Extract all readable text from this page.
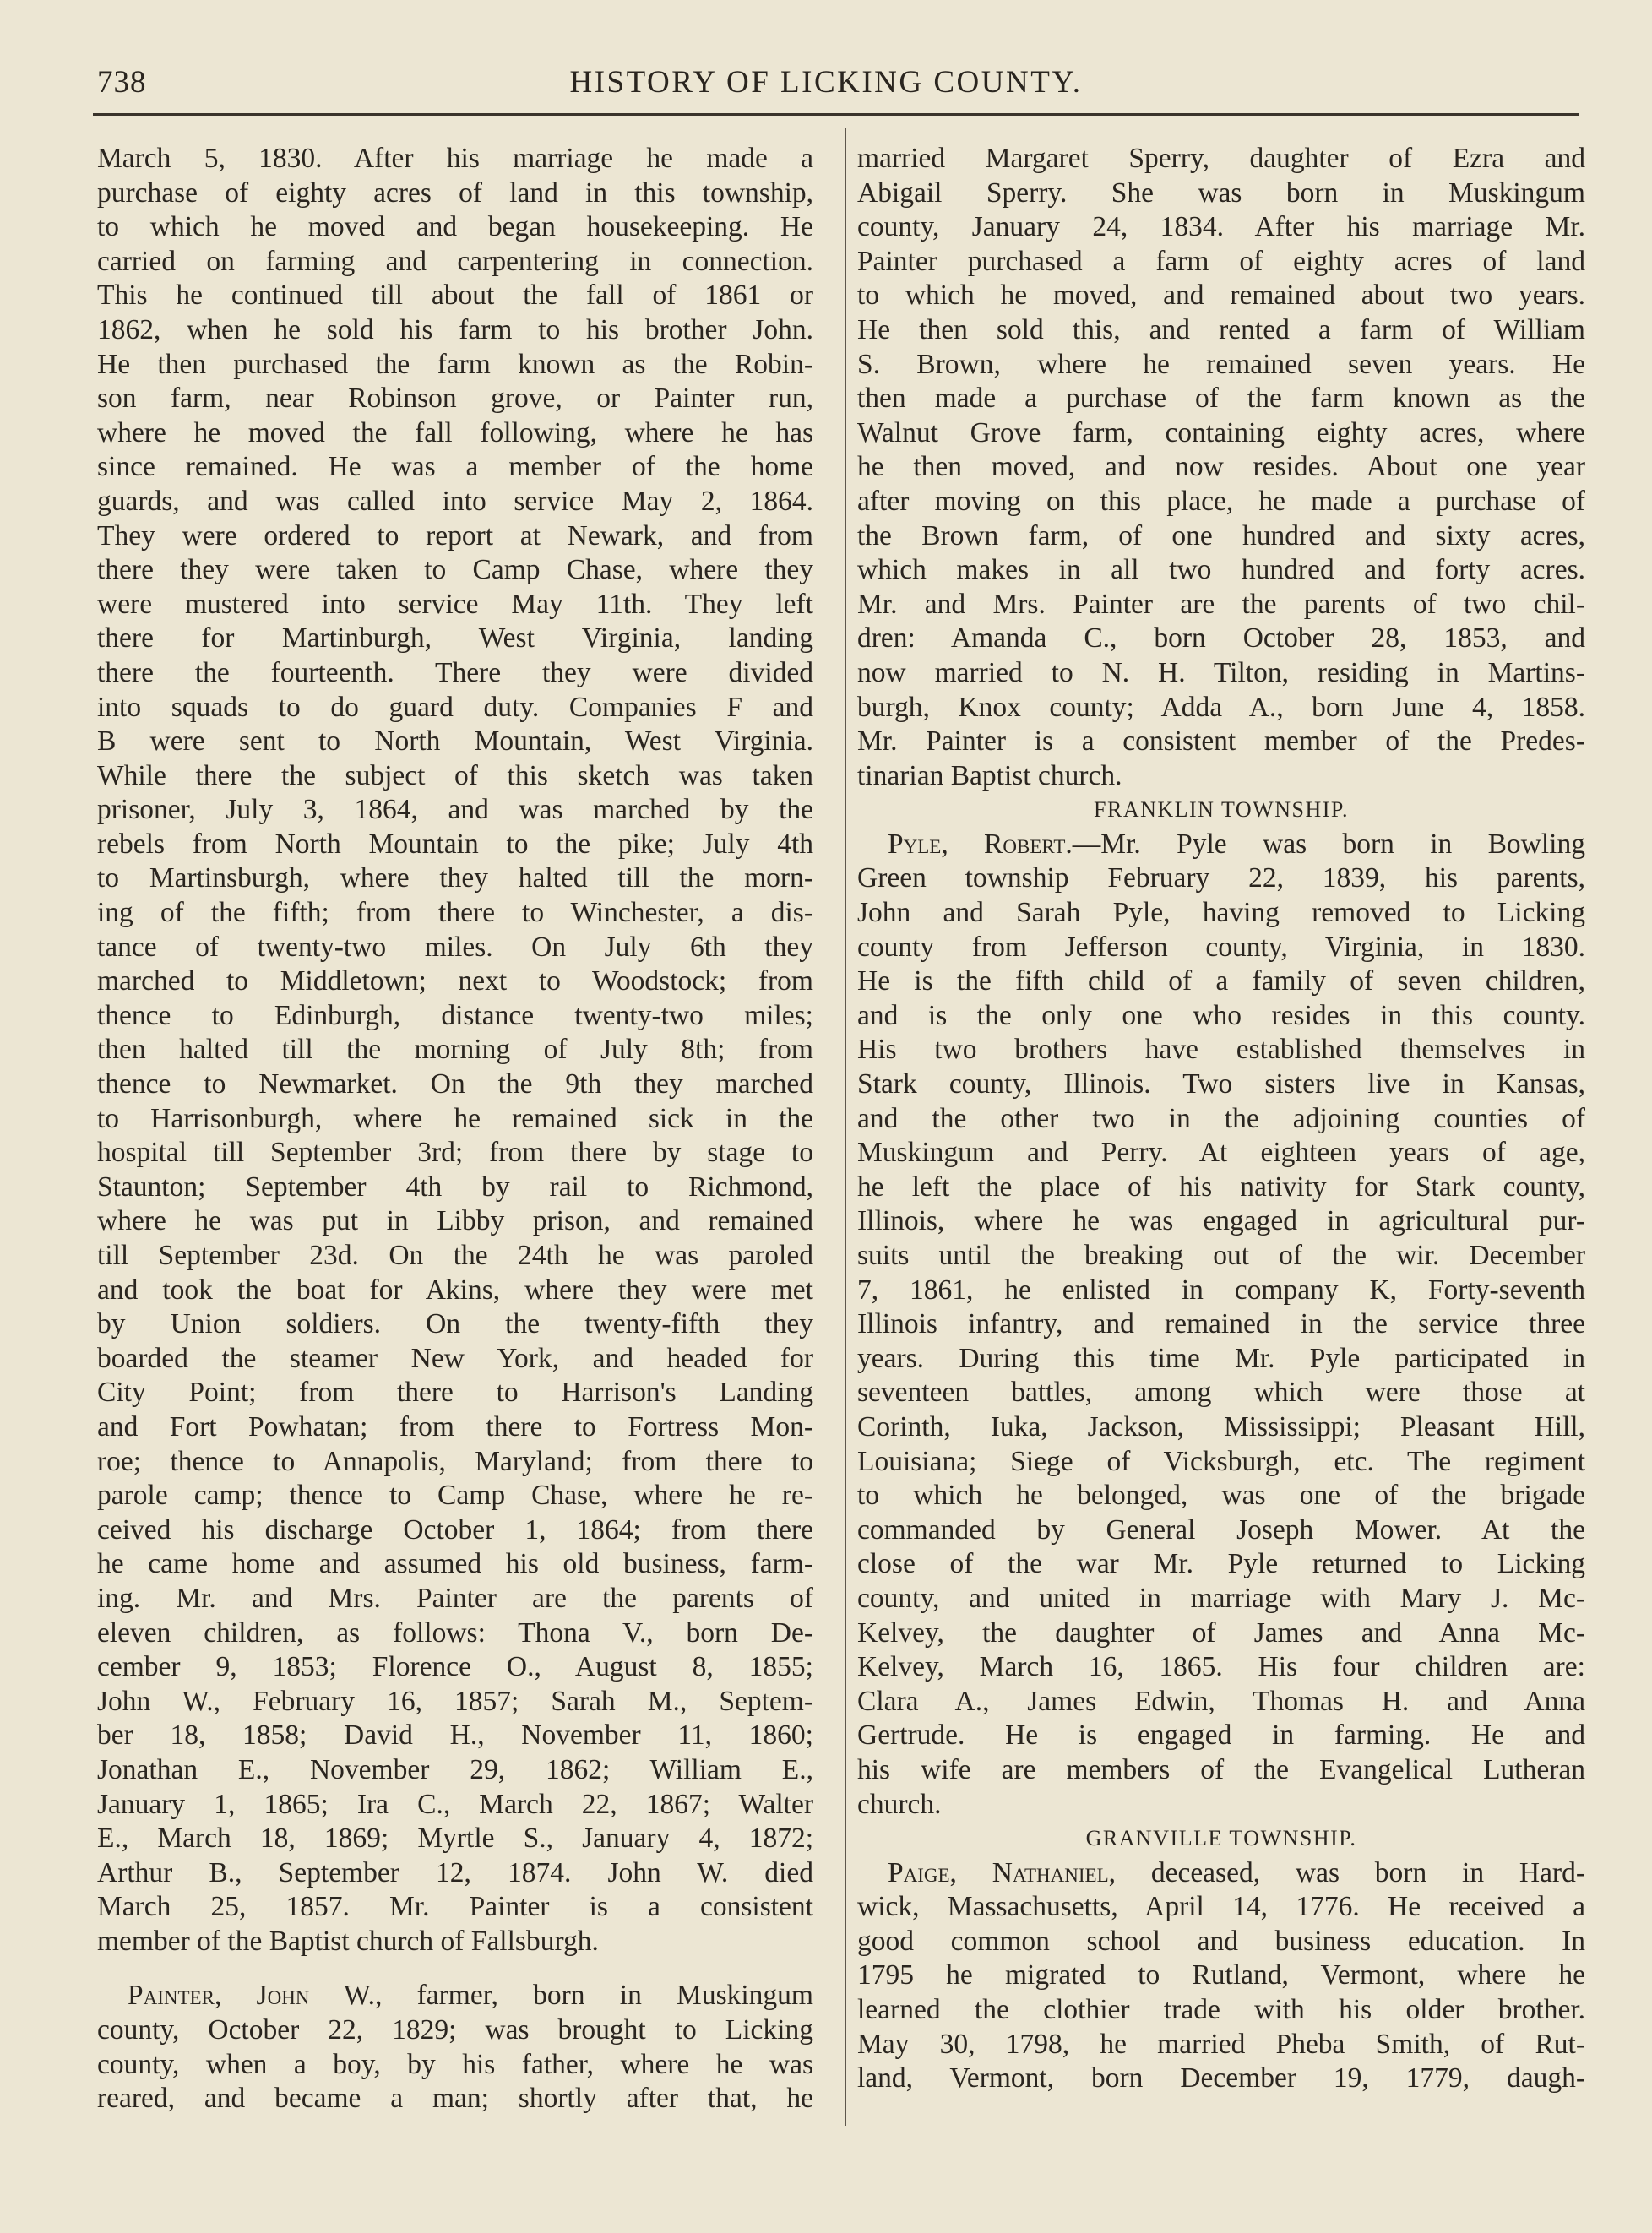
738	HISTORY OF LICKING COUNTY.
March 5, 1830. After his marriage he made a
purchase of eighty acres of land in this township,
to which he moved and began housekeeping. He
carried on farming and carpentering in connection.
This he continued till about the fall of 1861 or
1862, when he sold his farm to his brother John.
He then purchased the farm known as the Robin-
son farm, near Robinson grove, or Painter run,
where he moved the fall following, where he has
since remained. He was a member of the home
guards, and was called into service May 2, 1864.
They were ordered to report at Newark, and from
there they were taken to Camp Chase, where they
were mustered into service May 11th. They left
there for Martinburgh, West Virginia, landing
there the fourteenth. There they were divided
into squads to do guard duty. Companies F and
B were sent to North Mountain, West Virginia.
While there the subject of this sketch was taken
prisoner, July 3, 1864, and was marched by the
rebels from North Mountain to the pike; July 4th
to Martinsburgh, where they halted till the morn-
ing of the fifth; from there to Winchester, a dis-
tance of twenty-two miles. On July 6th they
marched to Middletown; next to Woodstock; from
thence to Edinburgh, distance twenty-two miles;
then halted till the morning of July 8th; from
thence to Newmarket. On the 9th they marched
to Harrisonburgh, where he remained sick in the
hospital till September 3rd; from there by stage to
Staunton; September 4th by rail to Richmond,
where he was put in Libby prison, and remained
till September 23d. On the 24th he was paroled
and took the boat for Akins, where they were met
by Union soldiers. On the twenty-fifth they
boarded the steamer New York, and headed for
City Point; from there to Harrison's Landing
and Fort Powhatan; from there to Fortress Mon-
roe; thence to Annapolis, Maryland; from there to
parole camp; thence to Camp Chase, where he re-
ceived his discharge October 1, 1864; from there
he came home and assumed his old business, farm-
ing. Mr. and Mrs. Painter are the parents of
eleven children, as follows: Thona V., born De-
cember 9, 1853; Florence O., August 8, 1855;
John W., February 16, 1857; Sarah M., Septem-
ber 18, 1858; David H., November 11, 1860;
Jonathan E., November 29, 1862; William E.,
January 1, 1865; Ira C., March 22, 1867; Walter
E., March 18, 1869; Myrtle S., January 4, 1872;
Arthur B., September 12, 1874. John W. died
March 25, 1857. Mr. Painter is a consistent
member of the Baptist church of Fallsburgh.
Painter, John W., farmer, born in Muskingum
county, October 22, 1829; was brought to Licking
county, when a boy, by his father, where he was
reared, and became a man; shortly after that, he
married Margaret Sperry, daughter of Ezra and
Abigail Sperry. She was born in Muskingum
county, January 24, 1834. After his marriage Mr.
Painter purchased a farm of eighty acres of land
to which he moved, and remained about two years.
He then sold this, and rented a farm of William
S. Brown, where he remained seven years. He
then made a purchase of the farm known as the
Walnut Grove farm, containing eighty acres, where
he then moved, and now resides. About one year
after moving on this place, he made a purchase of
the Brown farm, of one hundred and sixty acres,
which makes in all two hundred and forty acres.
Mr. and Mrs. Painter are the parents of two chil-
dren: Amanda C., born October 28, 1853, and
now married to N. H. Tilton, residing in Martins-
burgh, Knox county; Adda A., born June 4, 1858.
Mr. Painter is a consistent member of the Predes-
tinarian Baptist church.
FRANKLIN TOWNSHIP.
Pyle, Robert.—Mr. Pyle was born in Bowling
Green township February 22, 1839, his parents,
John and Sarah Pyle, having removed to Licking
county from Jefferson county, Virginia, in 1830.
He is the fifth child of a family of seven children,
and is the only one who resides in this county.
His two brothers have established themselves in
Stark county, Illinois. Two sisters live in Kansas,
and the other two in the adjoining counties of
Muskingum and Perry. At eighteen years of age,
he left the place of his nativity for Stark county,
Illinois, where he was engaged in agricultural pur-
suits until the breaking out of the wir. December
7, 1861, he enlisted in company K, Forty-seventh
Illinois infantry, and remained in the service three
years. During this time Mr. Pyle participated in
seventeen battles, among which were those at
Corinth, Iuka, Jackson, Mississippi; Pleasant Hill,
Louisiana; Siege of Vicksburgh, etc. The regiment
to which he belonged, was one of the brigade
commanded by General Joseph Mower. At the
close of the war Mr. Pyle returned to Licking
county, and united in marriage with Mary J. Mc-
Kelvey, the daughter of James and Anna Mc-
Kelvey, March 16, 1865. His four children are:
Clara A., James Edwin, Thomas H. and Anna
Gertrude. He is engaged in farming. He and
his wife are members of the Evangelical Lutheran
church.
GRANVILLE TOWNSHIP.
Paige, Nathaniel, deceased, was born in Hard-
wick, Massachusetts, April 14, 1776. He received a
good common school and business education. In
1795 he migrated to Rutland, Vermont, where he
learned the clothier trade with his older brother.
May 30, 1798, he married Pheba Smith, of Rut-
land, Vermont, born December 19, 1779, daugh-
